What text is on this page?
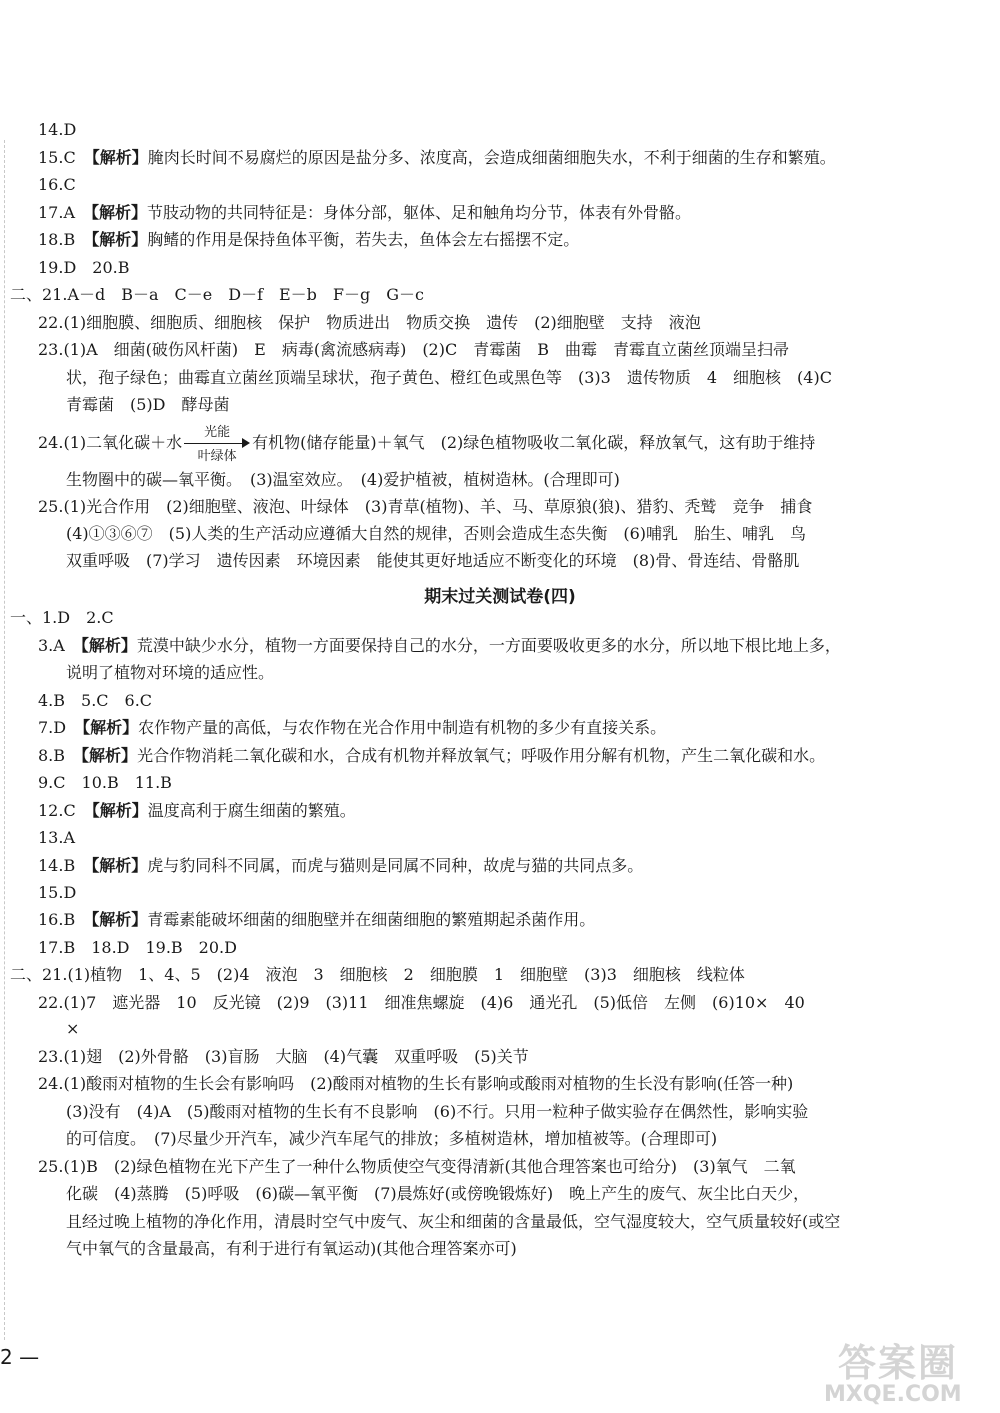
14.D
15.C　 【解析】腌肉长时间不易腐烂的原因是盐分多、浓度高，会造成细菌细胞失水，不利于细菌的生存和繁殖。
16.C
17.A　 【解析】节肢动物的共同特征是：身体分部，躯体、足和触角均分节，体表有外骨骼。
18.B　 【解析】胸鳍的作用是保持鱼体平衡，若失去，鱼体会左右摇摆不定。
19.D　20.B
二、21.A－d　B－a　C－e　D－f　E－b　F－g　G－c
22.(1)细胞膜、细胞质、细胞核　保护　物质进出　物质交换　遗传　(2)细胞壁　支持　液泡
23.(1)A　细菌(破伤风杆菌)　E　病毒(禽流感病毒)　(2)C　青霉菌　B　曲霉　青霉直立菌丝顶端呈扫帚
状，孢子绿色；曲霉直立菌丝顶端呈球状，孢子黄色、橙红色或黑色等　(3)3　遗传物质　4　细胞核　(4)C
青霉菌　(5)D　酵母菌
24.(1)二氧化碳＋水
光能
叶绿体
有机物(储存能量)＋氧气　(2)绿色植物吸收二氧化碳，释放氧气，这有助于维持
生物圈中的碳—氧平衡。　(3)温室效应。　(4)爱护植被，植树造林。(合理即可)
25.(1)光合作用　(2)细胞壁、液泡、叶绿体　(3)青草(植物)、羊、马、草原狼(狼)、猎豹、秃鹫　竞争　捕食
(4)①③⑥⑦　(5)人类的生产活动应遵循大自然的规律，否则会造成生态失衡　(6)哺乳　胎生、哺乳　鸟
双重呼吸　(7)学习　遗传因素　环境因素　能使其更好地适应不断变化的环境　(8)骨、骨连结、骨骼肌
期末过关测试卷(四)
一、1.D　2.C
3.A　 【解析】荒漠中缺少水分，植物一方面要保持自己的水分，一方面要吸收更多的水分，所以地下根比地上多，
说明了植物对环境的适应性。
4.B　5.C　6.C
7.D　 【解析】农作物产量的高低，与农作物在光合作用中制造有机物的多少有直接关系。
8.B　 【解析】光合作物消耗二氧化碳和水，合成有机物并释放氧气；呼吸作用分解有机物，产生二氧化碳和水。
9.C　10.B　11.B
12.C　 【解析】温度高利于腐生细菌的繁殖。
13.A
14.B　 【解析】虎与豹同科不同属，而虎与猫则是同属不同种，故虎与猫的共同点多。
15.D
16.B　 【解析】青霉素能破坏细菌的细胞壁并在细菌细胞的繁殖期起杀菌作用。
17.B　18.D　19.B　20.D
二、21.(1)植物　1、4、5　(2)4　液泡　3　细胞核　2　细胞膜　1　细胞壁　(3)3　细胞核　线粒体
22.(1)7　遮光器　10　反光镜　(2)9　(3)11　细准焦螺旋　(4)6　通光孔　(5)低倍　左侧　(6)10×　40
×
23.(1)翅　(2)外骨骼　(3)盲肠　大脑　(4)气囊　双重呼吸　(5)关节
24.(1)酸雨对植物的生长会有影响吗　(2)酸雨对植物的生长有影响或酸雨对植物的生长没有影响(任答一种)
(3)没有　(4)A　(5)酸雨对植物的生长有不良影响　(6)不行。只用一粒种子做实验存在偶然性，影响实验
的可信度。　(7)尽量少开汽车，减少汽车尾气的排放；多植树造林，增加植被等。(合理即可)
25.(1)B　(2)绿色植物在光下产生了一种什么物质使空气变得清新(其他合理答案也可给分)　(3)氧气　二氧
化碳　(4)蒸腾　(5)呼吸　(6)碳—氧平衡　(7)晨炼好(或傍晚锻炼好)　晚上产生的废气、灰尘比白天少，
且经过晚上植物的净化作用，清晨时空气中废气、灰尘和细菌的含量最低，空气湿度较大，空气质量较好(或空
气中氧气的含量最高，有利于进行有氧运动)(其他合理答案亦可)
2 —	答案圈
MXQE.COM
